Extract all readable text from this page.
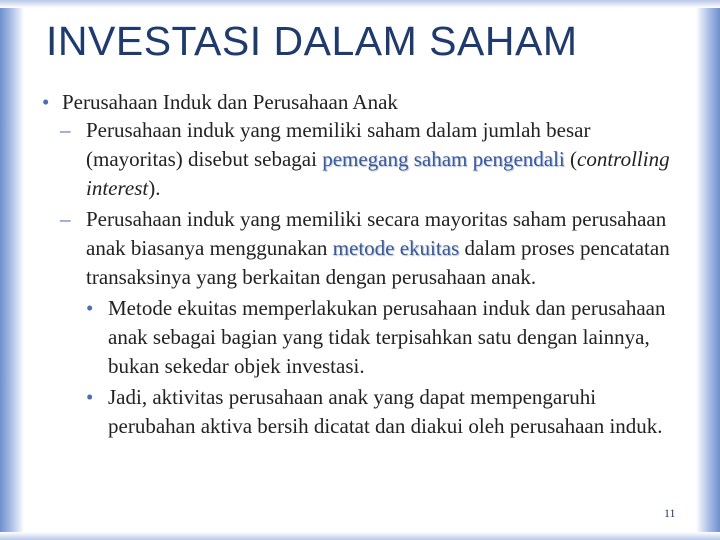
INVESTASI DALAM SAHAM
• Perusahaan Induk dan Perusahaan Anak
– Perusahaan induk yang memiliki saham dalam jumlah besar (mayoritas) disebut sebagai pemegang saham pengendali (controlling interest).
– Perusahaan induk yang memiliki secara mayoritas saham perusahaan anak biasanya menggunakan metode ekuitas dalam proses pencatatan transaksinya yang berkaitan dengan perusahaan anak.
• Metode ekuitas memperlakukan perusahaan induk dan perusahaan anak sebagai bagian yang tidak terpisahkan satu dengan lainnya, bukan sekedar objek investasi.
• Jadi, aktivitas perusahaan anak yang dapat mempengaruhi perubahan aktiva bersih dicatat dan diakui oleh perusahaan induk.
11
